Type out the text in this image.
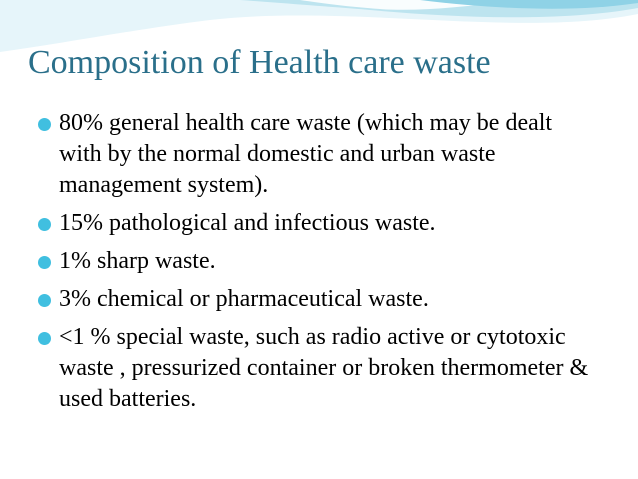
Composition of Health care waste
80% general health care waste (which may be dealt with by the normal domestic and urban waste management system).
15% pathological and infectious waste.
1% sharp waste.
3% chemical or pharmaceutical waste.
<1 % special waste, such as radio active or cytotoxic waste , pressurized container or broken thermometer & used batteries.
